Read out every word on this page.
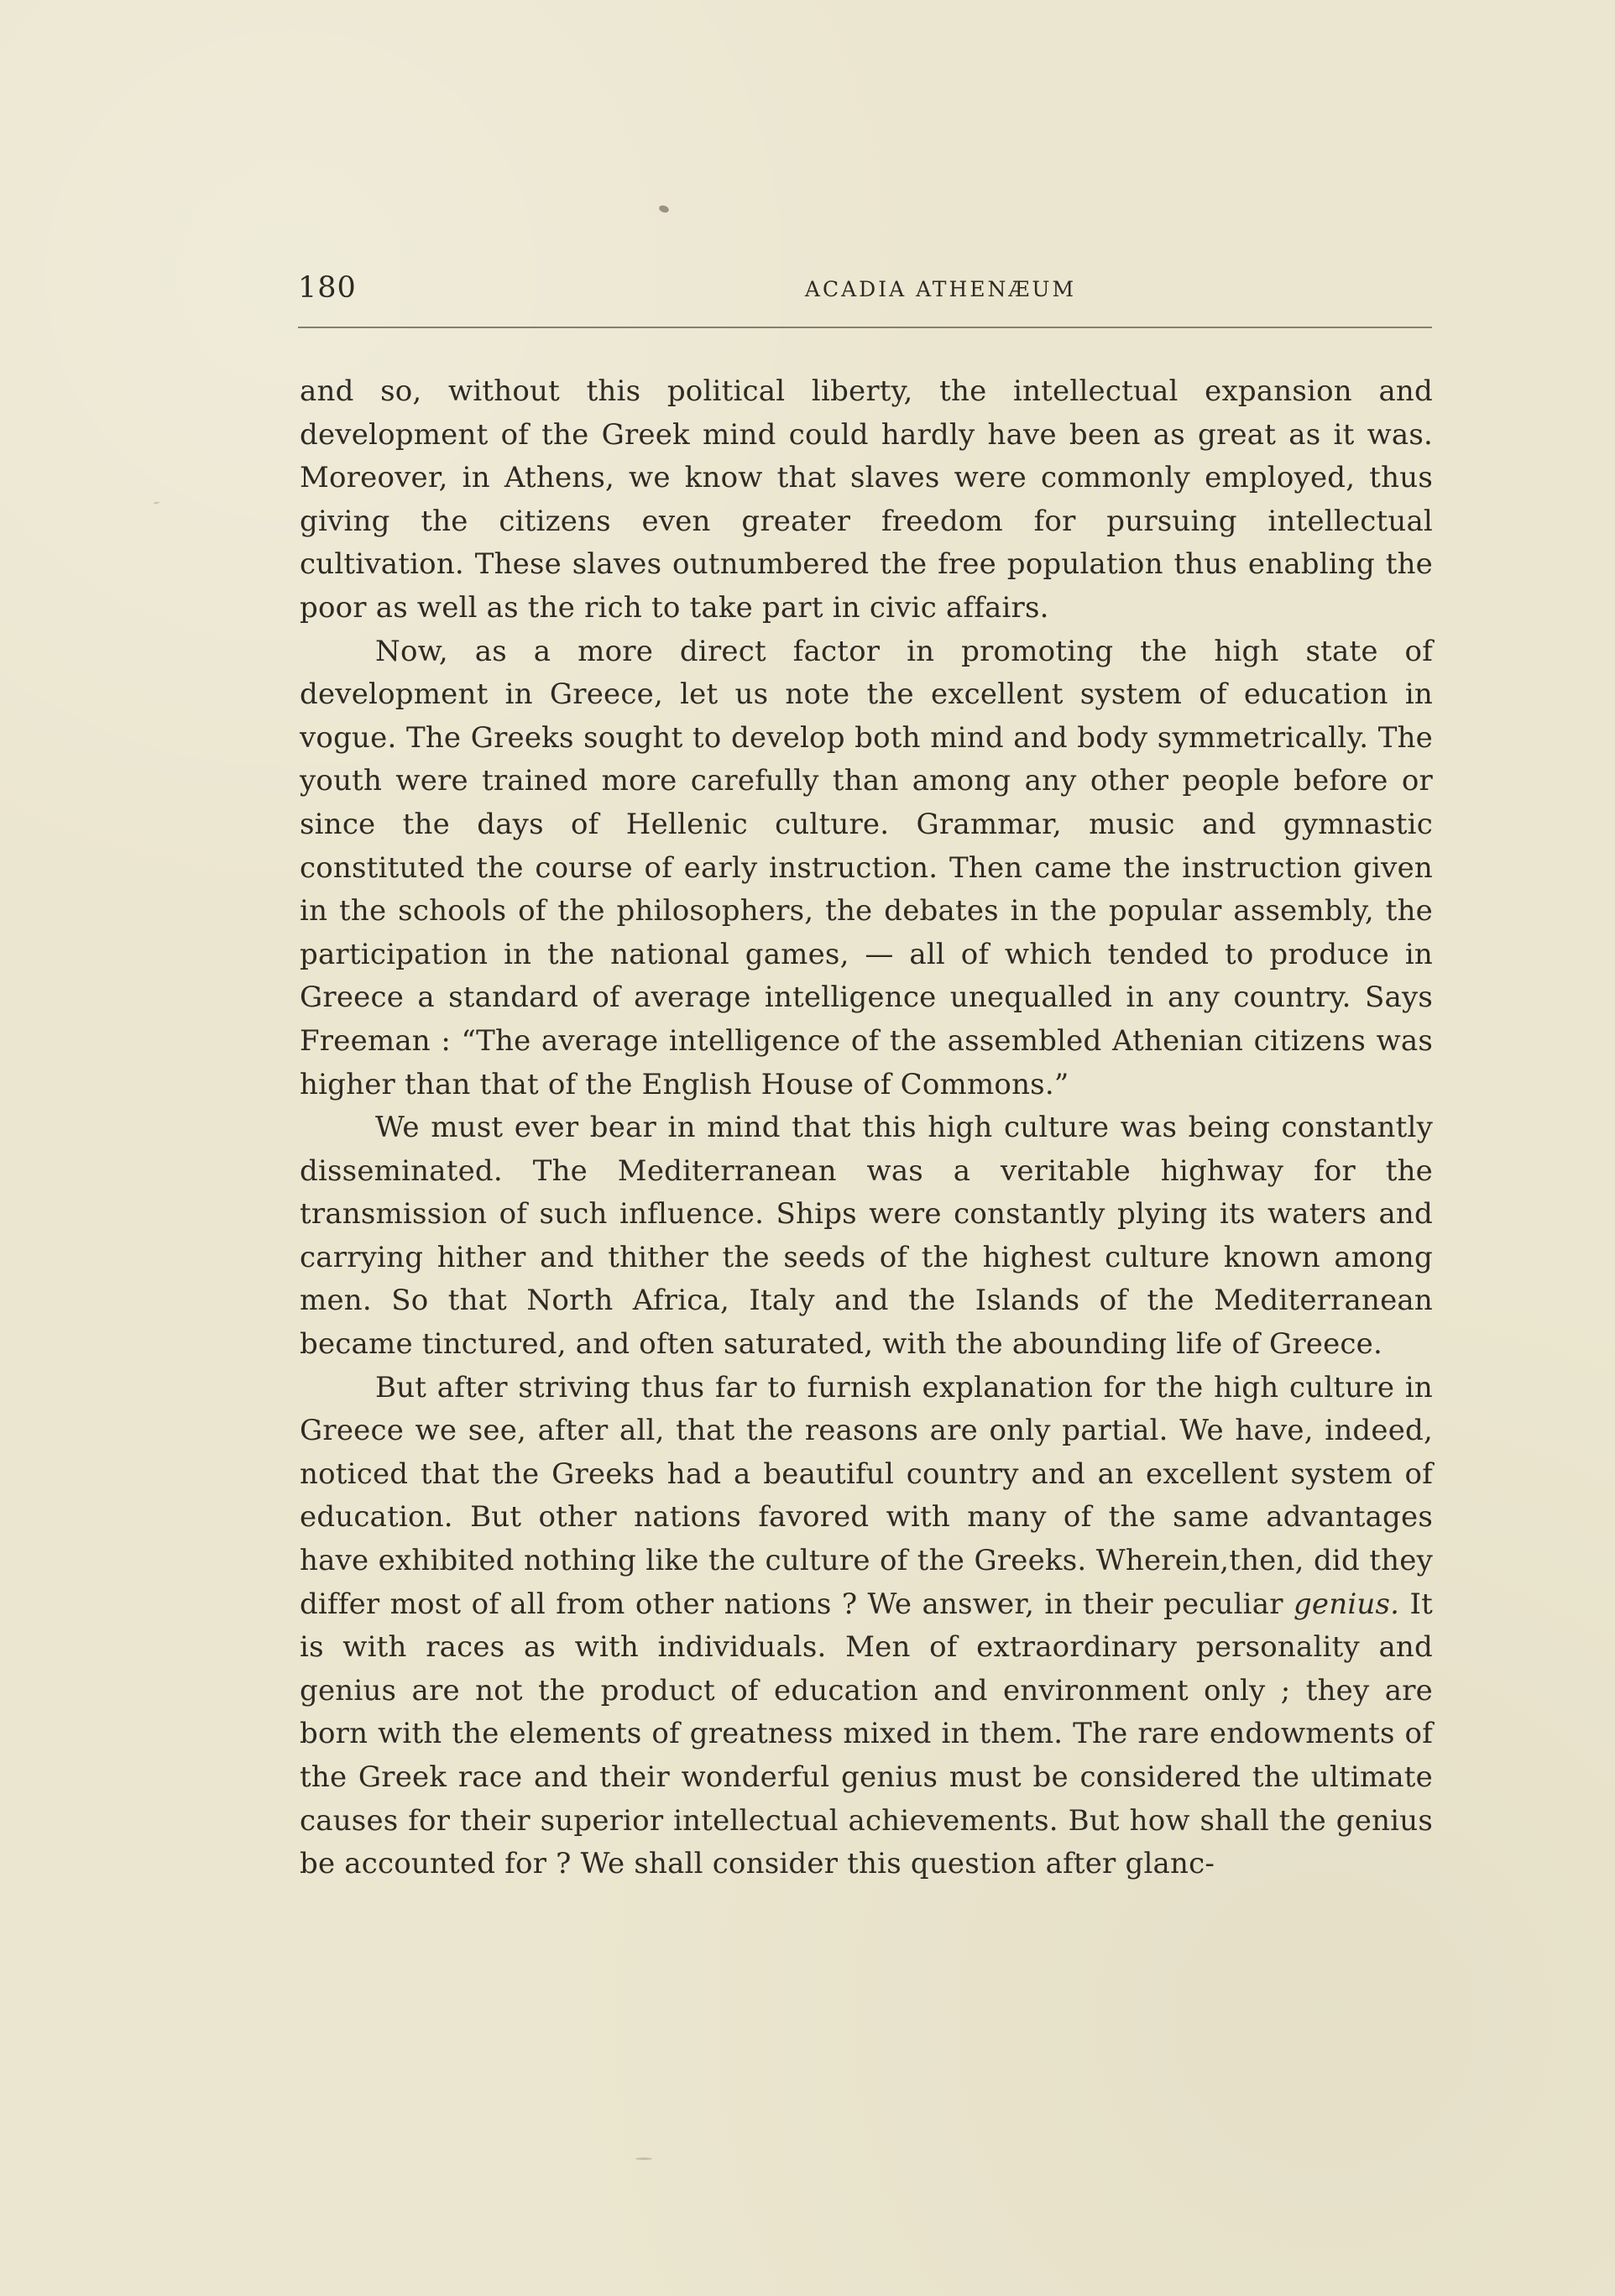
180	ACADIA ATHENÆUM

and so, without this political liberty, the intellectual expansion and development of the Greek mind could hardly have been as great as it was. Moreover, in Athens, we know that slaves were commonly employed, thus giving the citizens even greater freedom for pursuing intellectual cultivation. These slaves outnumbered the free population thus enabling the poor as well as the rich to take part in civic affairs.

Now, as a more direct factor in promoting the high state of development in Greece, let us note the excellent system of education in vogue. The Greeks sought to develop both mind and body symmetrically. The youth were trained more carefully than among any other people before or since the days of Hellenic culture. Grammar, music and gymnastic constituted the course of early instruction. Then came the instruction given in the schools of the philosophers, the debates in the popular assembly, the participation in the national games, — all of which tended to produce in Greece a standard of average intelligence unequalled in any country. Says Freeman : “The average intelligence of the assembled Athenian citizens was higher than that of the English House of Commons.”

We must ever bear in mind that this high culture was being constantly disseminated. The Mediterranean was a veritable highway for the transmission of such influence. Ships were constantly plying its waters and carrying hither and thither the seeds of the highest culture known among men. So that North Africa, Italy and the Islands of the Mediterranean became tinctured, and often saturated, with the abounding life of Greece.

But after striving thus far to furnish explanation for the high culture in Greece we see, after all, that the reasons are only partial. We have, indeed, noticed that the Greeks had a beautiful country and an excellent system of education. But other nations favored with many of the same advantages have exhibited nothing like the culture of the Greeks. Wherein,then, did they differ most of all from other nations ? We answer, in their peculiar genius. It is with races as with individuals. Men of extraordinary personality and genius are not the product of education and environment only ; they are born with the elements of greatness mixed in them. The rare endowments of the Greek race and their wonderful genius must be considered the ultimate causes for their superior intellectual achievements. But how shall the genius be accounted for ? We shall consider this question after glanc-
